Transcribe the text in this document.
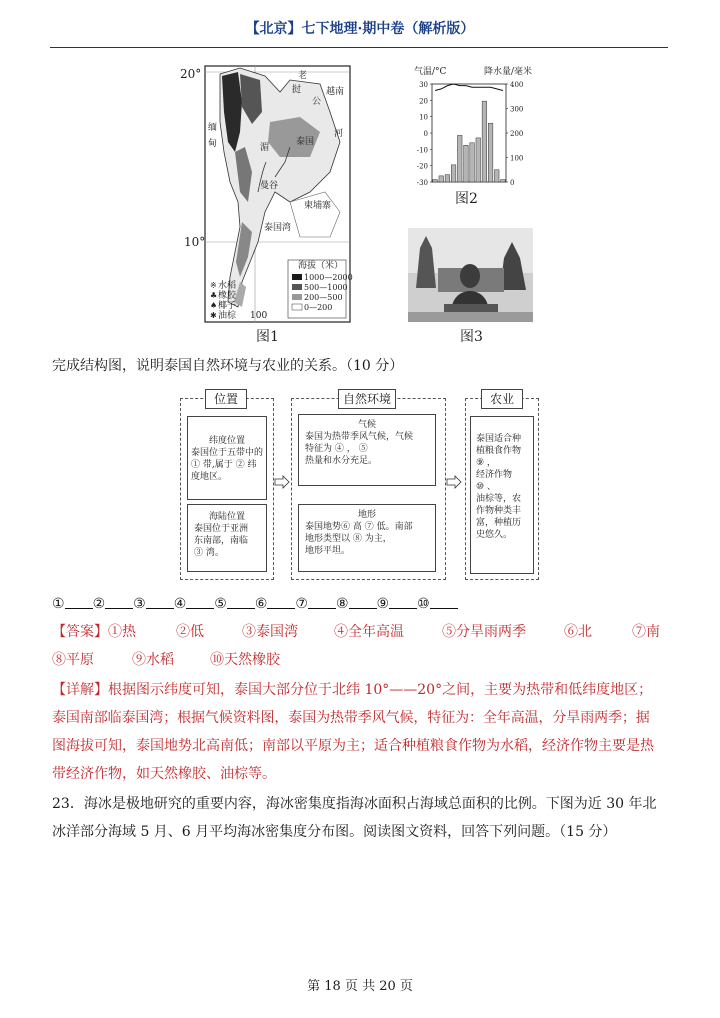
【北京】七下地理·期中卷（解析版）
※
♣
♠
✱
20°
10°
100
老
挝
公
越南
河
缅
甸	泰国
湄
曼谷
柬埔寨
泰国湾
海拔（米）
1000—2000
500—1000
200—500
0—200
水稻
橡胶
椰子
油棕
图1
30
20
10
0
-10
-20
-30
400
300
200
100
0
气温/°C	降水量/毫米
图2
图3
完成结构图，说明泰国自然环境与农业的关系。（10 分）
位置
纬度位置
泰国位于五带中的
① 带,属于 ② 纬
度地区。
海陆位置
泰国位于亚洲
东南部，南临
③ 湾。
自然环境
气候
泰国为热带季风气候，气候
特征为 ④ ， ⑤
热量和水分充足。
地形
泰国地势⑥ 高 ⑦ 低。南部
地形类型以 ⑧ 为主，
地形平坦。
农业
泰国适合种
植粮食作物
⑨ ，
经济作物
⑩ 、
油棕等，农
作物种类丰
富，种植历
史悠久。
① ② ③ ④ ⑤ ⑥ ⑦ ⑧ ⑨ ⑩
【答案】①热	②低	③泰国湾	④全年高温	⑤分旱雨两季	⑥北	⑦南
⑧平原	⑨水稻	⑩天然橡胶
【详解】根据图示纬度可知，泰国大部分位于北纬 10°——20°之间，主要为热带和低纬度地区；
泰国南部临泰国湾；根据气候资料图，泰国为热带季风气候，特征为：全年高温，分旱雨两季；据
图海拔可知，泰国地势北高南低；南部以平原为主；适合种植粮食作物为水稻，经济作物主要是热
带经济作物，如天然橡胶、油棕等。
23．海冰是极地研究的重要内容，海冰密集度指海冰面积占海域总面积的比例。下图为近 30 年北
冰洋部分海域 5 月、6 月平均海冰密集度分布图。阅读图文资料，回答下列问题。（15 分）
第 18 页 共 20 页
